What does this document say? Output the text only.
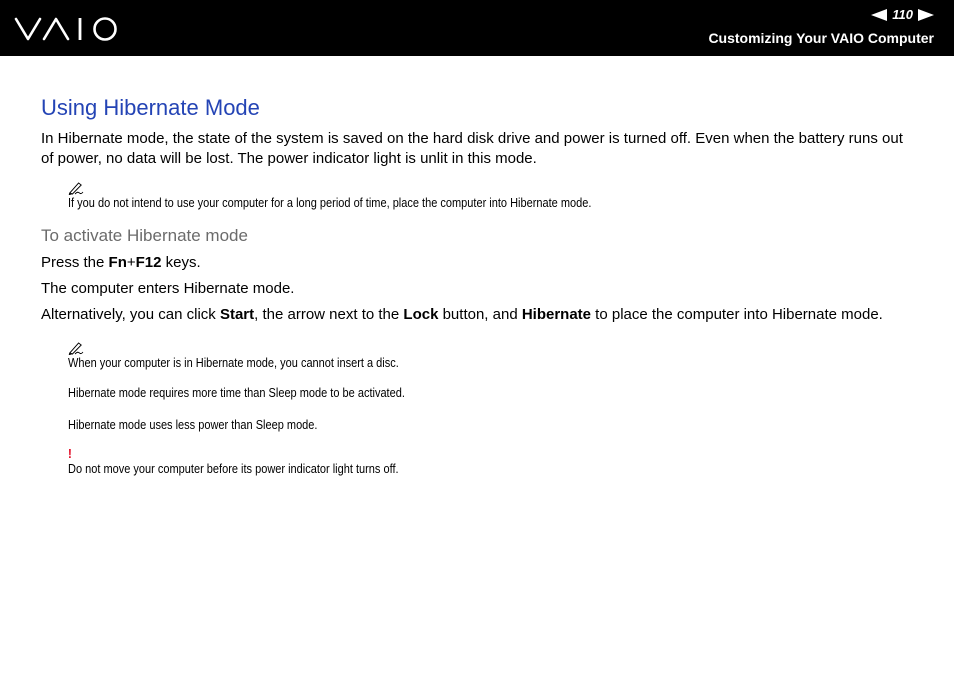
110
Customizing Your VAIO Computer
Using Hibernate Mode

In Hibernate mode, the state of the system is saved on the hard disk drive and power is turned off. Even when the battery runs out of power, no data will be lost. The power indicator light is unlit in this mode.

If you do not intend to use your computer for a long period of time, place the computer into Hibernate mode.
To activate Hibernate mode

Press the Fn+F12 keys.

The computer enters Hibernate mode.

Alternatively, you can click Start, the arrow next to the Lock button, and Hibernate to place the computer into Hibernate mode.

When your computer is in Hibernate mode, you cannot insert a disc.
Hibernate mode requires more time than Sleep mode to be activated.
Hibernate mode uses less power than Sleep mode.
!
Do not move your computer before its power indicator light turns off.
